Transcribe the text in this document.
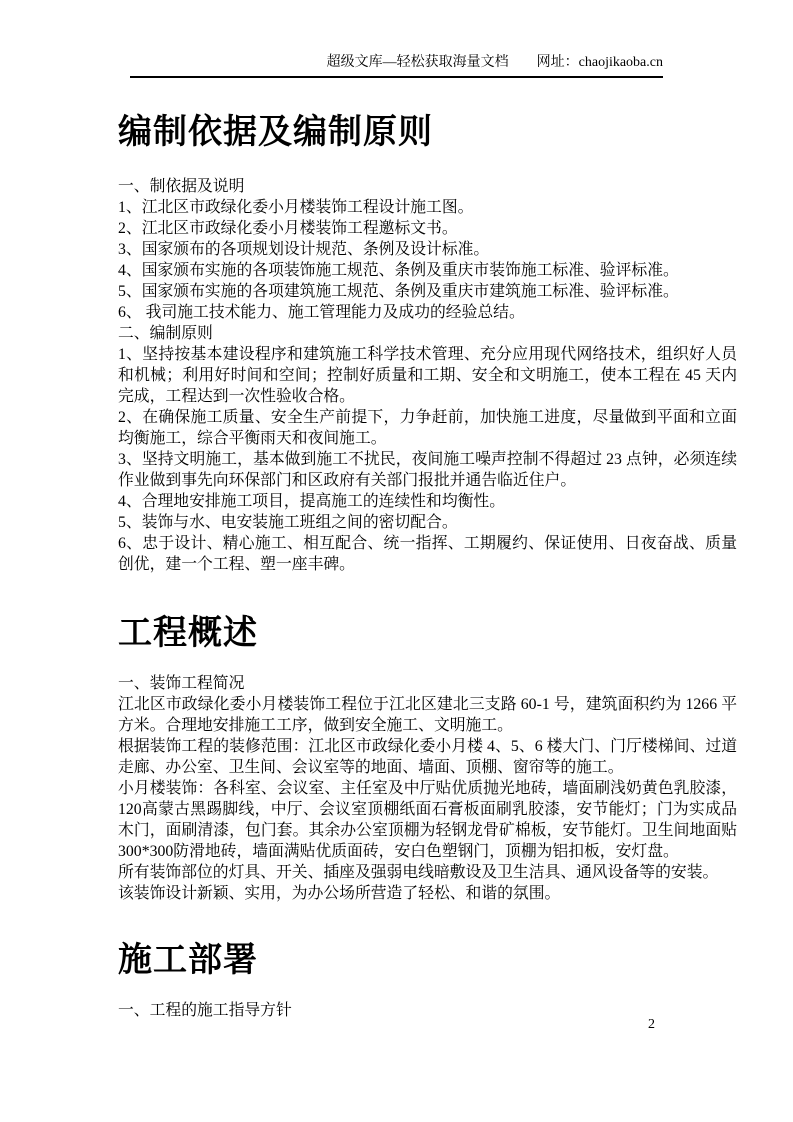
超级文库—轻松获取海量文档 网址：chaojikaoba.cn
编制依据及编制原则

一、制依据及说明

1、江北区市政绿化委小月楼装饰工程设计施工图。

2、江北区市政绿化委小月楼装饰工程邀标文书。

3、国家颁布的各项规划设计规范、条例及设计标准。

4、国家颁布实施的各项装饰施工规范、条例及重庆市装饰施工标准、验评标准。

5、国家颁布实施的各项建筑施工规范、条例及重庆市建筑施工标准、验评标准。

6、 我司施工技术能力、施工管理能力及成功的经验总结。

二、编制原则

1、坚持按基本建设程序和建筑施工科学技术管理、充分应用现代网络技术，组织好人员和机械；利用好时间和空间；控制好质量和工期、安全和文明施工，使本工程在 45 天内完成，工程达到一次性验收合格。

2、在确保施工质量、安全生产前提下，力争赶前，加快施工进度，尽量做到平面和立面均衡施工，综合平衡雨天和夜间施工。

3、坚持文明施工，基本做到施工不扰民，夜间施工噪声控制不得超过 23 点钟，必须连续作业做到事先向环保部门和区政府有关部门报批并通告临近住户。

4、合理地安排施工项目，提高施工的连续性和均衡性。

5、装饰与水、电安装施工班组之间的密切配合。

6、忠于设计、精心施工、相互配合、统一指挥、工期履约、保证使用、日夜奋战、质量创优，建一个工程、塑一座丰碑。

工程概述

一、装饰工程简况

江北区市政绿化委小月楼装饰工程位于江北区建北三支路 60-1 号，建筑面积约为 1266 平方米。合理地安排施工工序，做到安全施工、文明施工。

根据装饰工程的装修范围：江北区市政绿化委小月楼 4、5、6 楼大门、门厅楼梯间、过道走廊、办公室、卫生间、会议室等的地面、墙面、顶棚、窗帘等的施工。

小月楼装饰：各科室、会议室、主任室及中厅贴优质抛光地砖，墙面刷浅奶黄色乳胶漆，120高蒙古黑踢脚线，中厅、会议室顶棚纸面石膏板面刷乳胶漆，安节能灯；门为实成品木门，面刷清漆，包门套。其余办公室顶棚为轻钢龙骨矿棉板，安节能灯。卫生间地面贴 300*300防滑地砖，墙面满贴优质面砖，安白色塑钢门，顶棚为铝扣板，安灯盘。

所有装饰部位的灯具、开关、插座及强弱电线暗敷设及卫生洁具、通风设备等的安装。

该装饰设计新颖、实用，为办公场所营造了轻松、和谐的氛围。

施工部署

一、工程的施工指导方针

2
